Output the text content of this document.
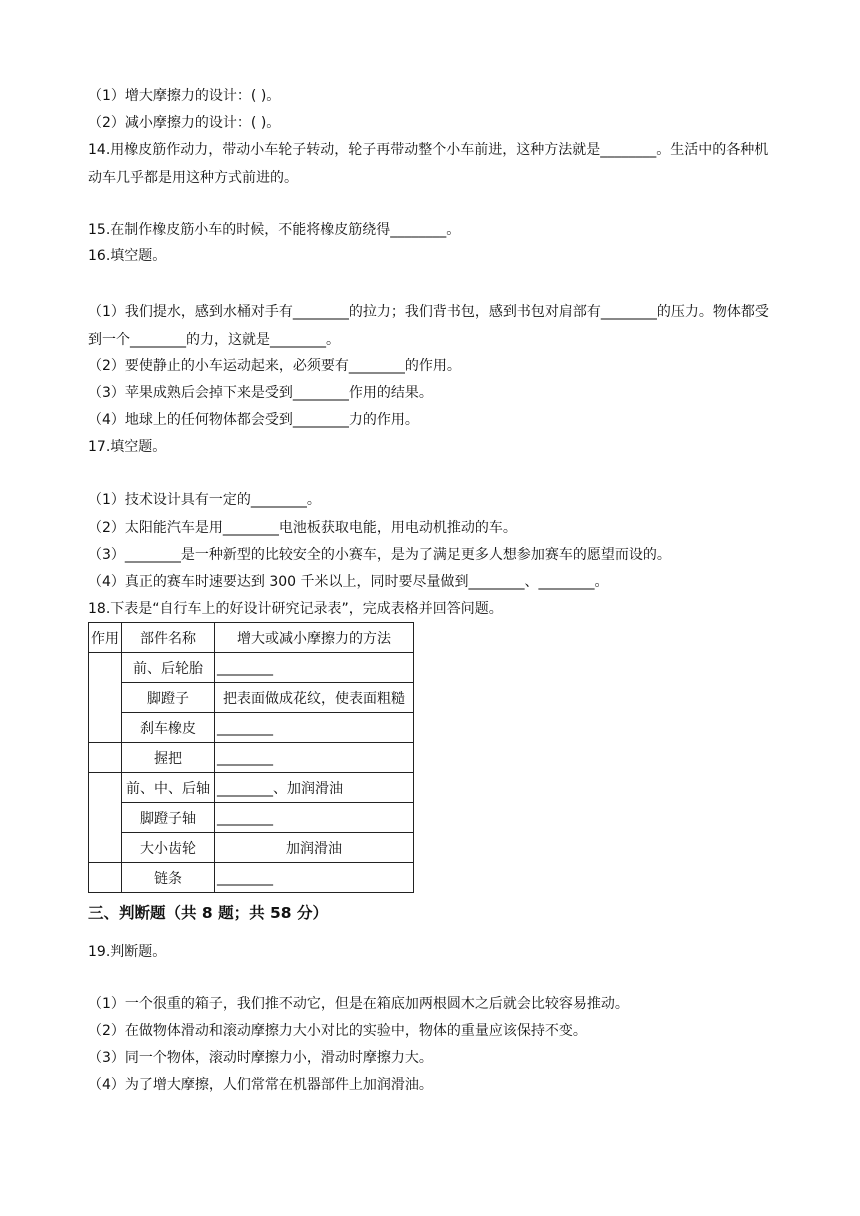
（1）增大摩擦力的设计：( )。
（2）减小摩擦力的设计：( )。
14.用橡皮筋作动力，带动小车轮子转动，轮子再带动整个小车前进，这种方法就是________。生活中的各种机动车几乎都是用这种方式前进的。
15.在制作橡皮筋小车的时候，不能将橡皮筋绕得________。
16.填空题。
（1）我们提水，感到水桶对手有________的拉力；我们背书包，感到书包对肩部有________的压力。物体都受到一个________的力，这就是________。
（2）要使静止的小车运动起来，必须要有________的作用。
（3）苹果成熟后会掉下来是受到________作用的结果。
（4）地球上的任何物体都会受到________力的作用。
17.填空题。
（1）技术设计具有一定的________。
（2）太阳能汽车是用________电池板获取电能，用电动机推动的车。
（3）________是一种新型的比较安全的小赛车，是为了满足更多人想参加赛车的愿望而设的。
（4）真正的赛车时速要达到 300 千米以上，同时要尽量做到________、________。
18.下表是“自行车上的好设计研究记录表”，完成表格并回答问题。
作用	部件名称	增大或减小摩擦力的方法
	前、后轮胎	________
	脚蹬子	把表面做成花纹，使表面粗糙
	刹车橡皮	________
	握把	________
	前、中、后轴	________、加润滑油
	脚蹬子轴	________
	大小齿轮	加润滑油
	链条	________
三、判断题（共 8 题；共 58 分）
19.判断题。
（1）一个很重的箱子，我们推不动它，但是在箱底加两根圆木之后就会比较容易推动。
（2）在做物体滑动和滚动摩擦力大小对比的实验中，物体的重量应该保持不变。
（3）同一个物体，滚动时摩擦力小，滑动时摩擦力大。
（4）为了增大摩擦，人们常常在机器部件上加润滑油。
